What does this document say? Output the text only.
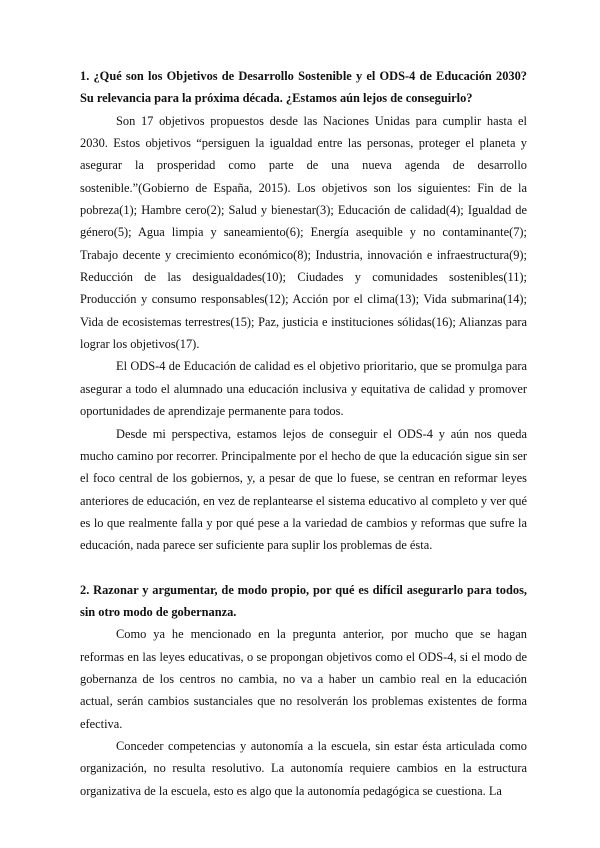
1. ¿Qué son los Objetivos de Desarrollo Sostenible y el ODS-4 de Educación 2030? Su relevancia para la próxima década. ¿Estamos aún lejos de conseguirlo?

Son 17 objetivos propuestos desde las Naciones Unidas para cumplir hasta el 2030. Estos objetivos “persiguen la igualdad entre las personas, proteger el planeta y asegurar la prosperidad como parte de una nueva agenda de desarrollo sostenible.”(Gobierno de España, 2015). Los objetivos son los siguientes: Fin de la pobreza(1); Hambre cero(2); Salud y bienestar(3); Educación de calidad(4); Igualdad de género(5); Agua limpia y saneamiento(6); Energía asequible y no contaminante(7); Trabajo decente y crecimiento económico(8); Industria, innovación e infraestructura(9); Reducción de las desigualdades(10); Ciudades y comunidades sostenibles(11); Producción y consumo responsables(12); Acción por el clima(13); Vida submarina(14); Vida de ecosistemas terrestres(15); Paz, justicia e instituciones sólidas(16); Alianzas para lograr los objetivos(17).

El ODS-4 de Educación de calidad es el objetivo prioritario, que se promulga para asegurar a todo el alumnado una educación inclusiva y equitativa de calidad y promover oportunidades de aprendizaje permanente para todos.

Desde mi perspectiva, estamos lejos de conseguir el ODS-4 y aún nos queda mucho camino por recorrer. Principalmente por el hecho de que la educación sigue sin ser el foco central de los gobiernos, y, a pesar de que lo fuese, se centran en reformar leyes anteriores de educación, en vez de replantearse el sistema educativo al completo y ver qué es lo que realmente falla y por qué pese a la variedad de cambios y reformas que sufre la educación, nada parece ser suficiente para suplir los problemas de ésta.

2. Razonar y argumentar, de modo propio, por qué es difícil asegurarlo para todos, sin otro modo de gobernanza.

Como ya he mencionado en la pregunta anterior, por mucho que se hagan reformas en las leyes educativas, o se propongan objetivos como el ODS-4, si el modo de gobernanza de los centros no cambia, no va a haber un cambio real en la educación actual, serán cambios sustanciales que no resolverán los problemas existentes de forma efectiva.

Conceder competencias y autonomía a la escuela, sin estar ésta articulada como organización, no resulta resolutivo. La autonomía requiere cambios en la estructura organizativa de la escuela, esto es algo que la autonomía pedagógica se cuestiona. La
